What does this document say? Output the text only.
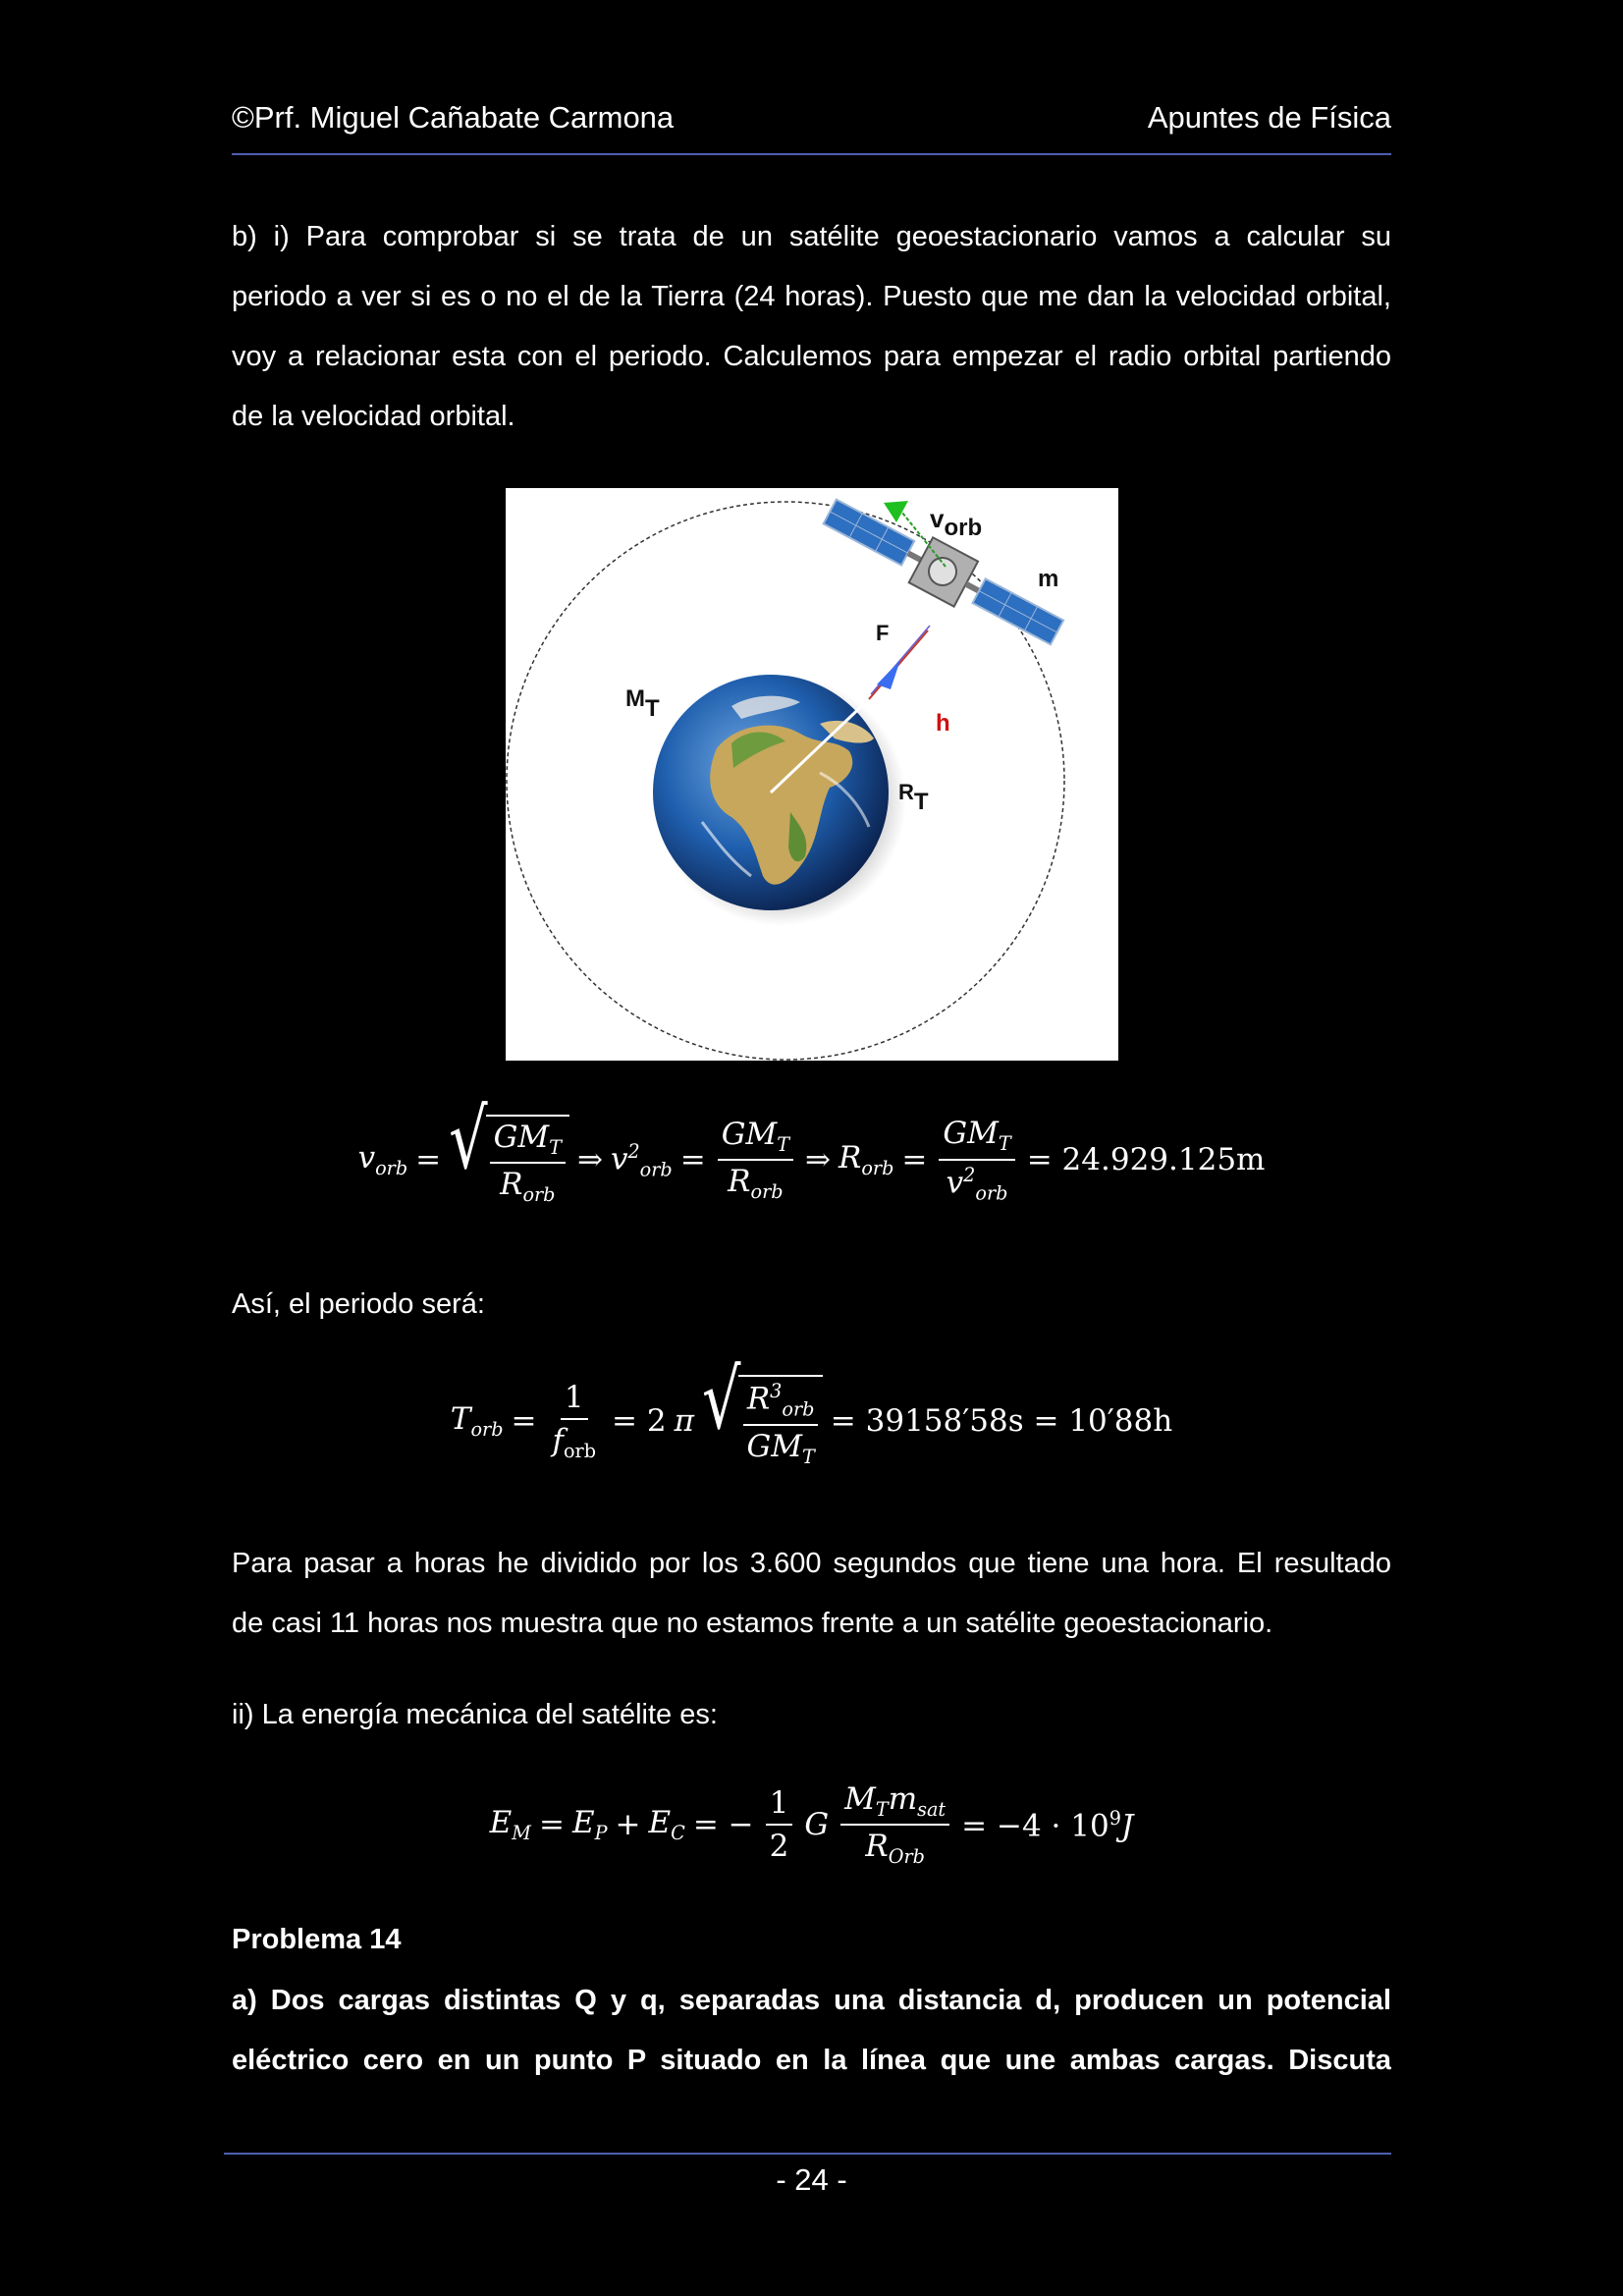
©Prf. Miguel Cañabate Carmona	Apuntes de Física
b) i) Para comprobar si se trata de un satélite geoestacionario vamos a calcular su
periodo a ver si es o no el de la Tierra (24 horas). Puesto que me dan la velocidad orbital,
voy a relacionar esta con el periodo. Calculemos para empezar el radio orbital partiendo
de la velocidad orbital.
vorb
m
F
MT
h
RT
$v_{orb}$ = √ $\frac{GM_T}{R_{orb}}$ ⇒ $v^2_{orb} = \frac{GM_T}{R_{orb}}$ ⇒ $R_{orb} = \frac{GM_T}{v^2_{orb}} = 24.929.125m$
Así, el periodo será:
$T_{orb} = \frac{1}{f_{orb}} = 2$ π √ $\frac{R^3_{orb}}{GM_T} = 39158'58s = 10'88h$
Para pasar a horas he dividido por los 3.600 segundos que tiene una hora. El resultado
de casi 11 horas nos muestra que no estamos frente a un satélite geoestacionario.
ii) La energía mecánica del satélite es:
$E_M = E_P + E_C$ = − $\frac{1}{2}$ G $\frac{M_Tm_{sat}}{R_{Orb}} = -4 \cdot 10^9J$
Problema 14
a) Dos cargas distintas Q y q, separadas una distancia d, producen un potencial
eléctrico cero en un punto P situado en la línea que une ambas cargas. Discuta
- 24 -
